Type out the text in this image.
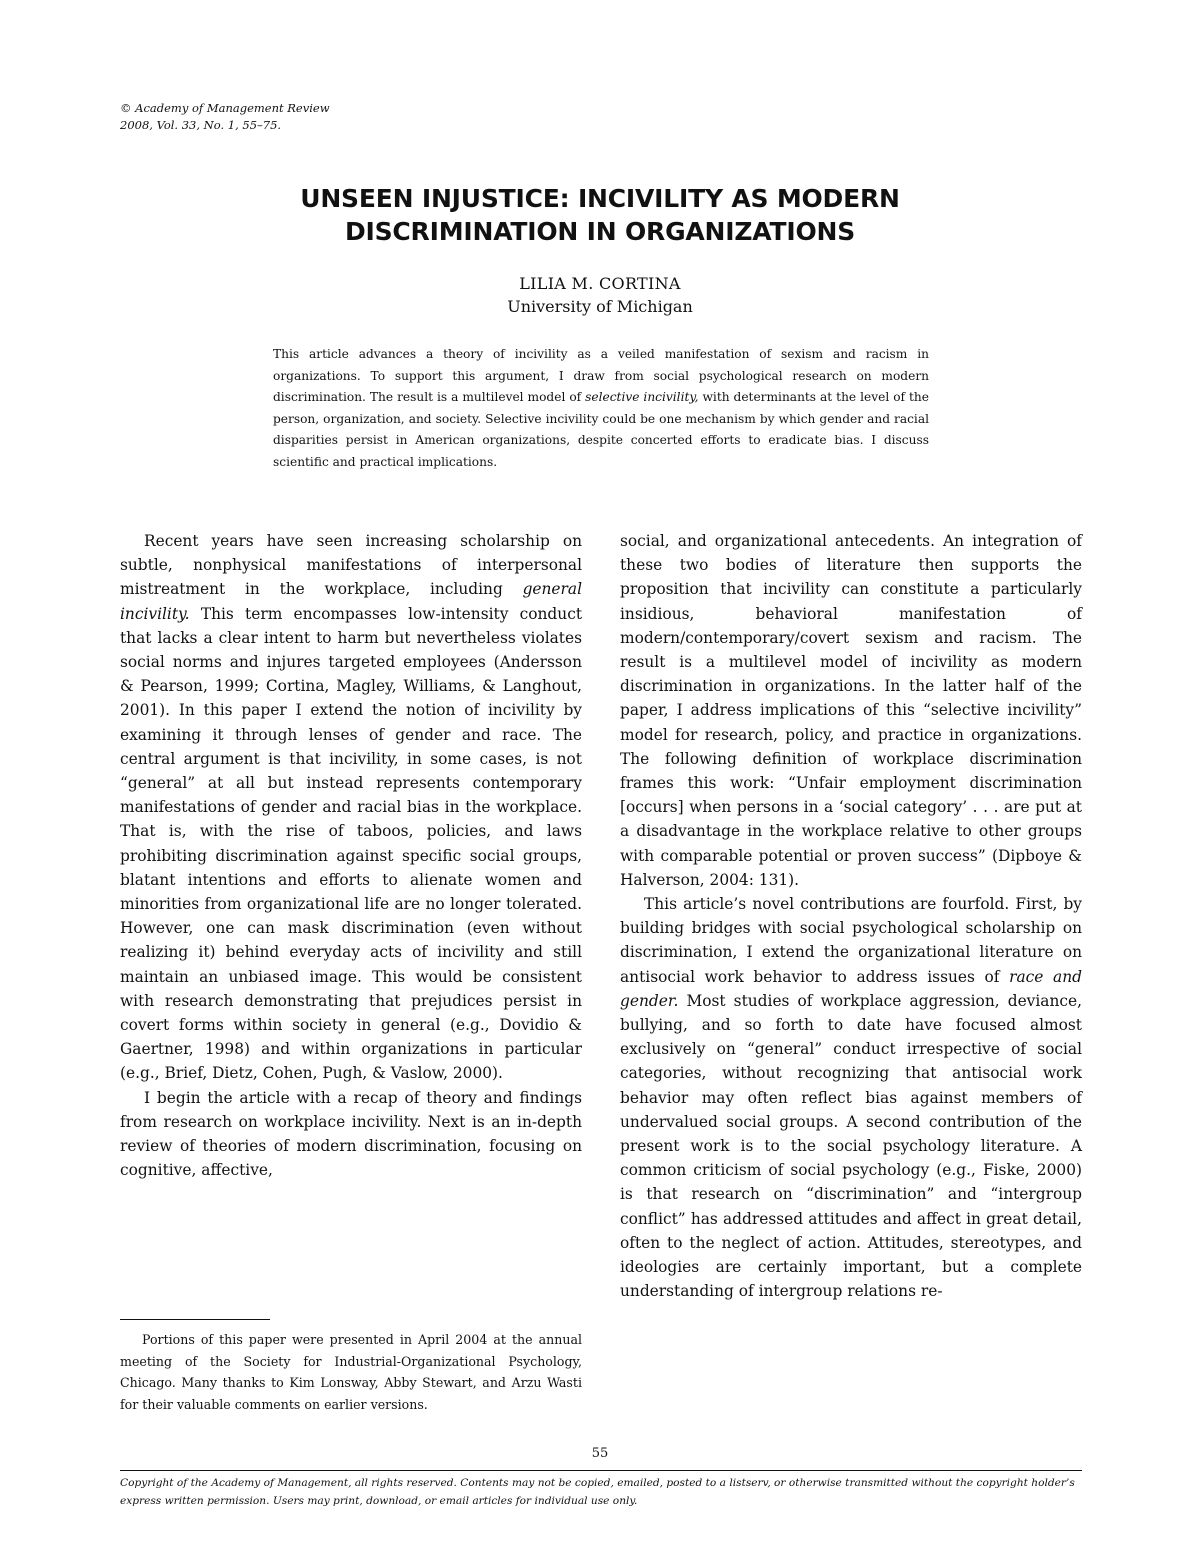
© Academy of Management Review
2008, Vol. 33, No. 1, 55–75.
UNSEEN INJUSTICE: INCIVILITY AS MODERN
DISCRIMINATION IN ORGANIZATIONS
LILIA M. CORTINA
University of Michigan
This article advances a theory of incivility as a veiled manifestation of sexism and racism in organizations. To support this argument, I draw from social psychological research on modern discrimination. The result is a multilevel model of selective incivility, with determinants at the level of the person, organization, and society. Selective incivility could be one mechanism by which gender and racial disparities persist in American organizations, despite concerted efforts to eradicate bias. I discuss scientific and practical implications.

Recent years have seen increasing scholarship on subtle, nonphysical manifestations of interpersonal mistreatment in the workplace, including general incivility. This term encompasses low-intensity conduct that lacks a clear intent to harm but nevertheless violates social norms and injures targeted employees (Andersson & Pearson, 1999; Cortina, Magley, Williams, & Langhout, 2001). In this paper I extend the notion of incivility by examining it through lenses of gender and race. The central argument is that incivility, in some cases, is not “general” at all but instead represents contemporary manifestations of gender and racial bias in the workplace. That is, with the rise of taboos, policies, and laws prohibiting discrimination against specific social groups, blatant intentions and efforts to alienate women and minorities from organizational life are no longer tolerated. However, one can mask discrimination (even without realizing it) behind everyday acts of incivility and still maintain an unbiased image. This would be consistent with research demonstrating that prejudices persist in covert forms within society in general (e.g., Dovidio & Gaertner, 1998) and within organizations in particular (e.g., Brief, Dietz, Cohen, Pugh, & Vaslow, 2000).

I begin the article with a recap of theory and findings from research on workplace incivility. Next is an in-depth review of theories of modern discrimination, focusing on cognitive, affective,

Portions of this paper were presented in April 2004 at the annual meeting of the Society for Industrial-Organizational Psychology, Chicago. Many thanks to Kim Lonsway, Abby Stewart, and Arzu Wasti for their valuable comments on earlier versions.

social, and organizational antecedents. An integration of these two bodies of literature then supports the proposition that incivility can constitute a particularly insidious, behavioral manifestation of modern/contemporary/covert sexism and racism. The result is a multilevel model of incivility as modern discrimination in organizations. In the latter half of the paper, I address implications of this “selective incivility” model for research, policy, and practice in organizations. The following definition of workplace discrimination frames this work: “Unfair employment discrimination [occurs] when persons in a ‘social category’ . . . are put at a disadvantage in the workplace relative to other groups with comparable potential or proven success” (Dipboye & Halverson, 2004: 131).

This article’s novel contributions are fourfold. First, by building bridges with social psychological scholarship on discrimination, I extend the organizational literature on antisocial work behavior to address issues of race and gender. Most studies of workplace aggression, deviance, bullying, and so forth to date have focused almost exclusively on “general” conduct irrespective of social categories, without recognizing that antisocial work behavior may often reflect bias against members of undervalued social groups. A second contribution of the present work is to the social psychology literature. A common criticism of social psychology (e.g., Fiske, 2000) is that research on “discrimination” and “intergroup conflict” has addressed attitudes and affect in great detail, often to the neglect of action. Attitudes, stereotypes, and ideologies are certainly important, but a complete understanding of intergroup relations re-

55
Copyright of the Academy of Management, all rights reserved. Contents may not be copied, emailed, posted to a listserv, or otherwise transmitted without the copyright holder’s express written permission. Users may print, download, or email articles for individual use only.
